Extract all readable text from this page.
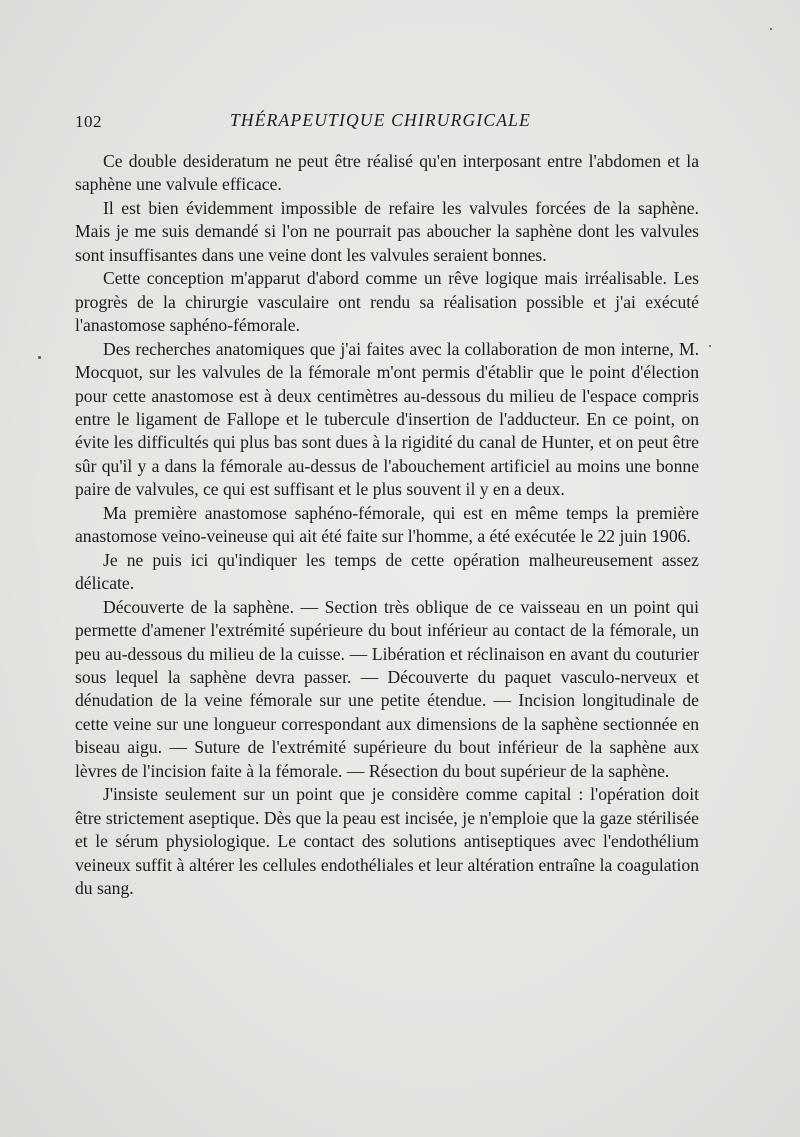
102	THÉRAPEUTIQUE CHIRURGICALE

Ce double desideratum ne peut être réalisé qu'en interposant entre l'abdomen et la saphène une valvule efficace.

Il est bien évidemment impossible de refaire les valvules forcées de la saphène. Mais je me suis demandé si l'on ne pourrait pas aboucher la saphène dont les valvules sont insuffisantes dans une veine dont les valvules seraient bonnes.

Cette conception m'apparut d'abord comme un rêve logique mais irréalisable. Les progrès de la chirurgie vasculaire ont rendu sa réalisation possible et j'ai exécuté l'anastomose saphéno-fémorale.

Des recherches anatomiques que j'ai faites avec la collaboration de mon interne, M. Mocquot, sur les valvules de la fémorale m'ont permis d'établir que le point d'élection pour cette anastomose est à deux centimètres au-dessous du milieu de l'espace compris entre le ligament de Fallope et le tubercule d'insertion de l'adducteur. En ce point, on évite les difficultés qui plus bas sont dues à la rigidité du canal de Hunter, et on peut être sûr qu'il y a dans la fémorale au-dessus de l'abouchement artificiel au moins une bonne paire de valvules, ce qui est suffisant et le plus souvent il y en a deux.

Ma première anastomose saphéno-fémorale, qui est en même temps la première anastomose veino-veineuse qui ait été faite sur l'homme, a été exécutée le 22 juin 1906.

Je ne puis ici qu'indiquer les temps de cette opération malheureusement assez délicate.

Découverte de la saphène. — Section très oblique de ce vaisseau en un point qui permette d'amener l'extrémité supérieure du bout inférieur au contact de la fémorale, un peu au-dessous du milieu de la cuisse. — Libération et réclinaison en avant du couturier sous lequel la saphène devra passer. — Découverte du paquet vasculo-nerveux et dénudation de la veine fémorale sur une petite étendue. — Incision longitudinale de cette veine sur une longueur correspondant aux dimensions de la saphène sectionnée en biseau aigu. — Suture de l'extrémité supérieure du bout inférieur de la saphène aux lèvres de l'incision faite à la fémorale. — Résection du bout supérieur de la saphène.

J'insiste seulement sur un point que je considère comme capital : l'opération doit être strictement aseptique. Dès que la peau est incisée, je n'emploie que la gaze stérilisée et le sérum physiologique. Le contact des solutions antiseptiques avec l'endothélium veineux suffit à altérer les cellules endothéliales et leur altération entraîne la coagulation du sang.
